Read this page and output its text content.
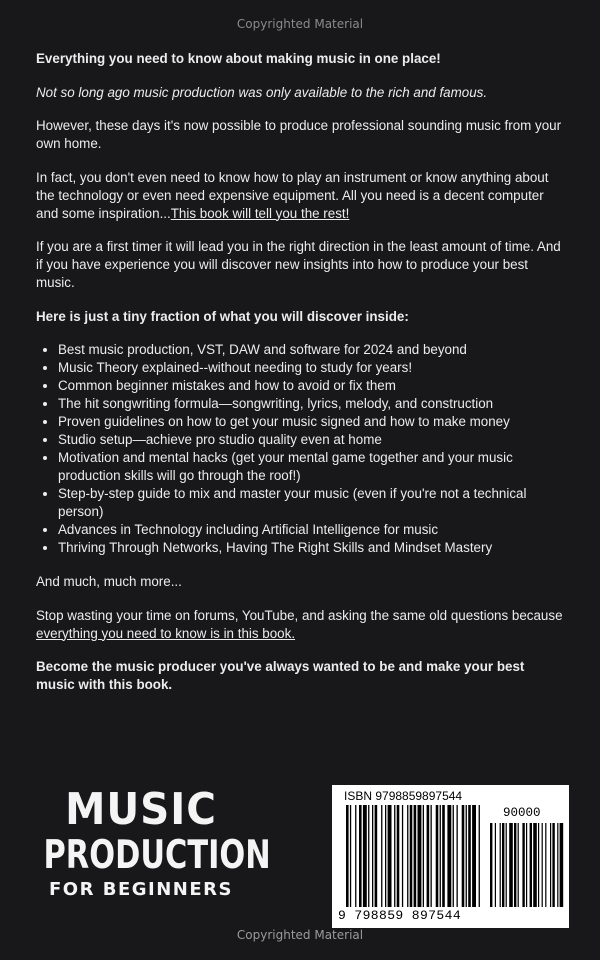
Copyrighted Material

Everything you need to know about making music in one place!

Not so long ago music production was only available to the rich and famous.

However, these days it's now possible to produce professional sounding music from your own home.

In fact, you don't even need to know how to play an instrument or know anything about the technology or even need expensive equipment. All you need is a decent computer and some inspiration...This book will tell you the rest!

If you are a first timer it will lead you in the right direction in the least amount of time. And if you have experience you will discover new insights into how to produce your best music.

Here is just a tiny fraction of what you will discover inside:

• Best music production, VST, DAW and software for 2024 and beyond
• Music Theory explained--without needing to study for years!
• Common beginner mistakes and how to avoid or fix them
• The hit songwriting formula—songwriting, lyrics, melody, and construction
• Proven guidelines on how to get your music signed and how to make money
• Studio setup—achieve pro studio quality even at home
• Motivation and mental hacks (get your mental game together and your music production skills will go through the roof!)
• Step-by-step guide to mix and master your music (even if you're not a technical person)
• Advances in Technology including Artificial Intelligence for music
• Thriving Through Networks, Having The Right Skills and Mindset Mastery

And much, much more...

Stop wasting your time on forums, YouTube, and asking the same old questions because everything you need to know is in this book.

Become the music producer you've always wanted to be and make your best music with this book.

MUSIC
PRODUCTION
FOR BEGINNERS
ISBN 9798859897544
90000
9 798859 897544
Copyrighted Material
